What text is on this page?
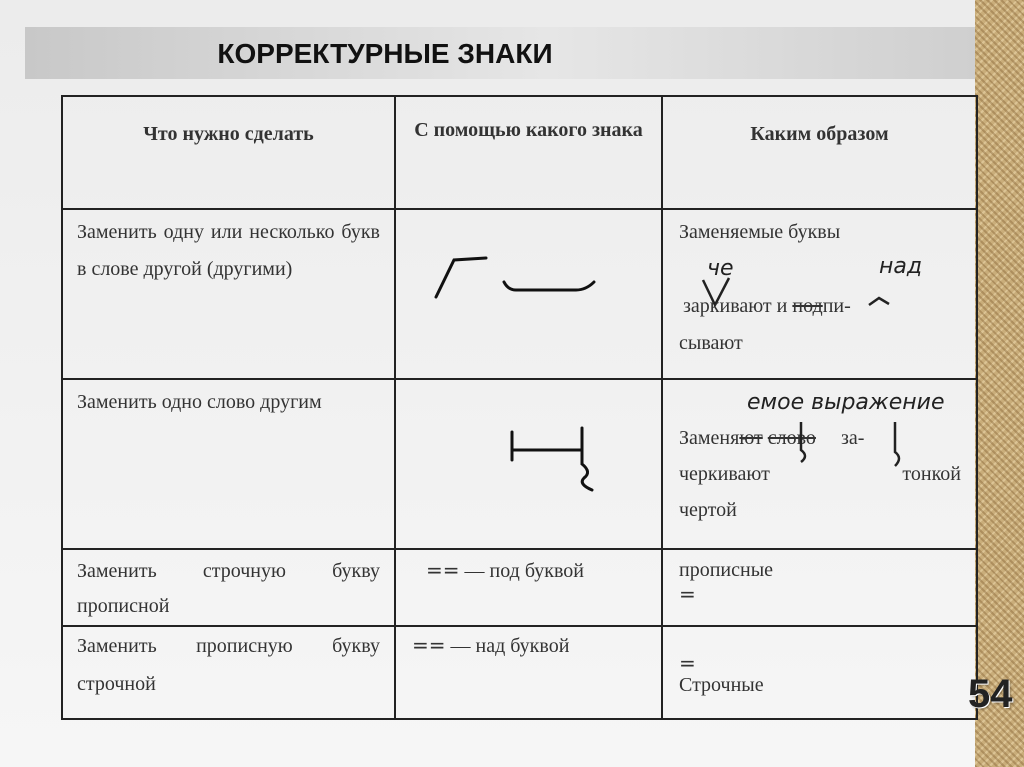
КОРРЕКТУРНЫЕ ЗНАКИ
Что нужно сделать	С помощью какого знака	Каким образом

Заменить одну или несколько букв в слове другой (другими)		Заменяемые буквы
че над
заркивают и подпи-
сывают

Заменить одно слово другим		емое выражение
Заменяют слово за-
черкивают тонкой
чертой

Заменить строчную букву прописной	== — под буквой	прописные
=

Заменить прописную букву строчной	== — над буквой	=
Строчные	54
